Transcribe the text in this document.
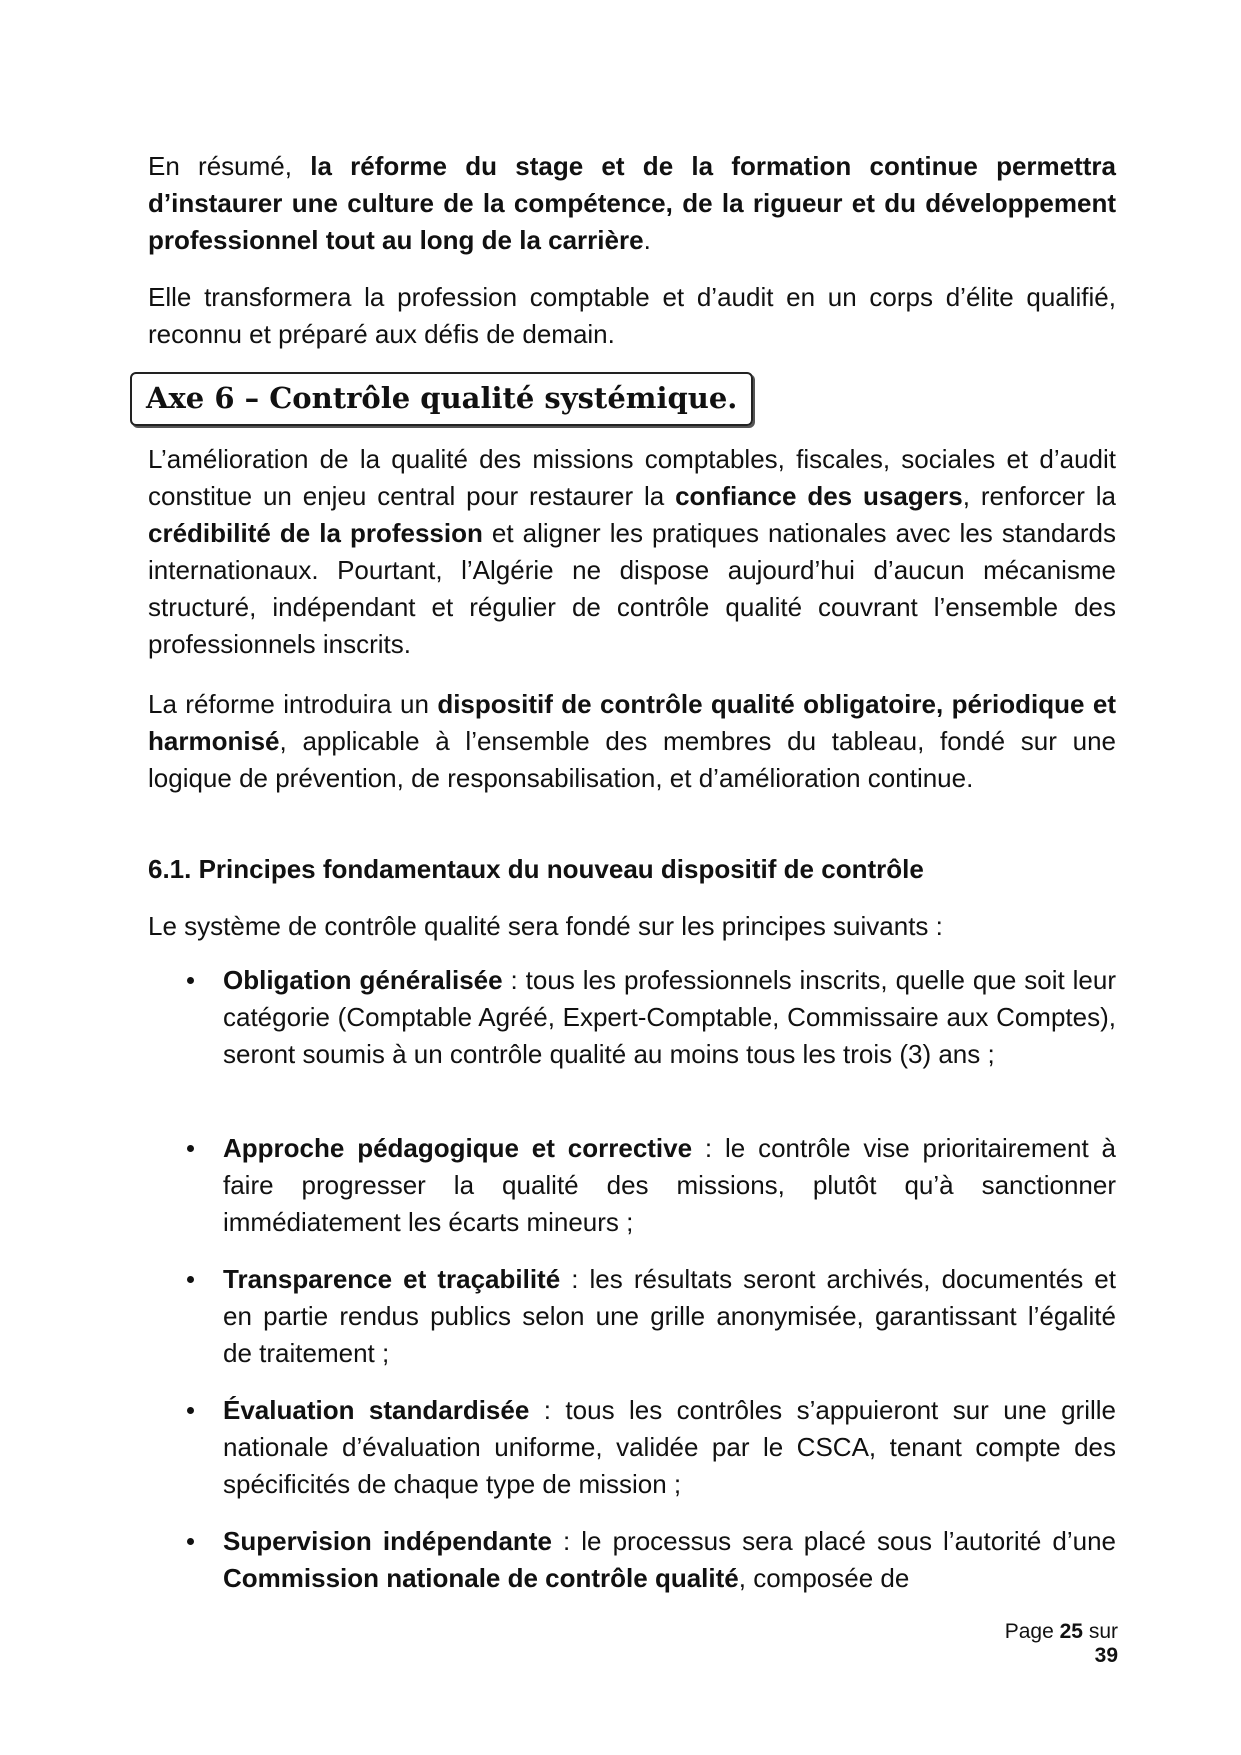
En résumé, la réforme du stage et de la formation continue permettra d’instaurer une culture de la compétence, de la rigueur et du développement professionnel tout au long de la carrière.

Elle transformera la profession comptable et d’audit en un corps d’élite qualifié, reconnu et préparé aux défis de demain.

Axe 6 – Contrôle qualité systémique.

L’amélioration de la qualité des missions comptables, fiscales, sociales et d’audit constitue un enjeu central pour restaurer la confiance des usagers, renforcer la crédibilité de la profession et aligner les pratiques nationales avec les standards internationaux. Pourtant, l’Algérie ne dispose aujourd’hui d’aucun mécanisme structuré, indépendant et régulier de contrôle qualité couvrant l’ensemble des professionnels inscrits.

La réforme introduira un dispositif de contrôle qualité obligatoire, périodique et harmonisé, applicable à l’ensemble des membres du tableau, fondé sur une logique de prévention, de responsabilisation, et d’amélioration continue.

6.1. Principes fondamentaux du nouveau dispositif de contrôle

Le système de contrôle qualité sera fondé sur les principes suivants :

Obligation généralisée : tous les professionnels inscrits, quelle que soit leur catégorie (Comptable Agréé, Expert-Comptable, Commissaire aux Comptes), seront soumis à un contrôle qualité au moins tous les trois (3) ans ;
Approche pédagogique et corrective : le contrôle vise prioritairement à faire progresser la qualité des missions, plutôt qu’à sanctionner immédiatement les écarts mineurs ;
Transparence et traçabilité : les résultats seront archivés, documentés et en partie rendus publics selon une grille anonymisée, garantissant l’égalité de traitement ;
Évaluation standardisée : tous les contrôles s’appuieront sur une grille nationale d’évaluation uniforme, validée par le CSCA, tenant compte des spécificités de chaque type de mission ;
Supervision indépendante : le processus sera placé sous l’autorité d’une Commission nationale de contrôle qualité, composée de
Page 25 sur 39
